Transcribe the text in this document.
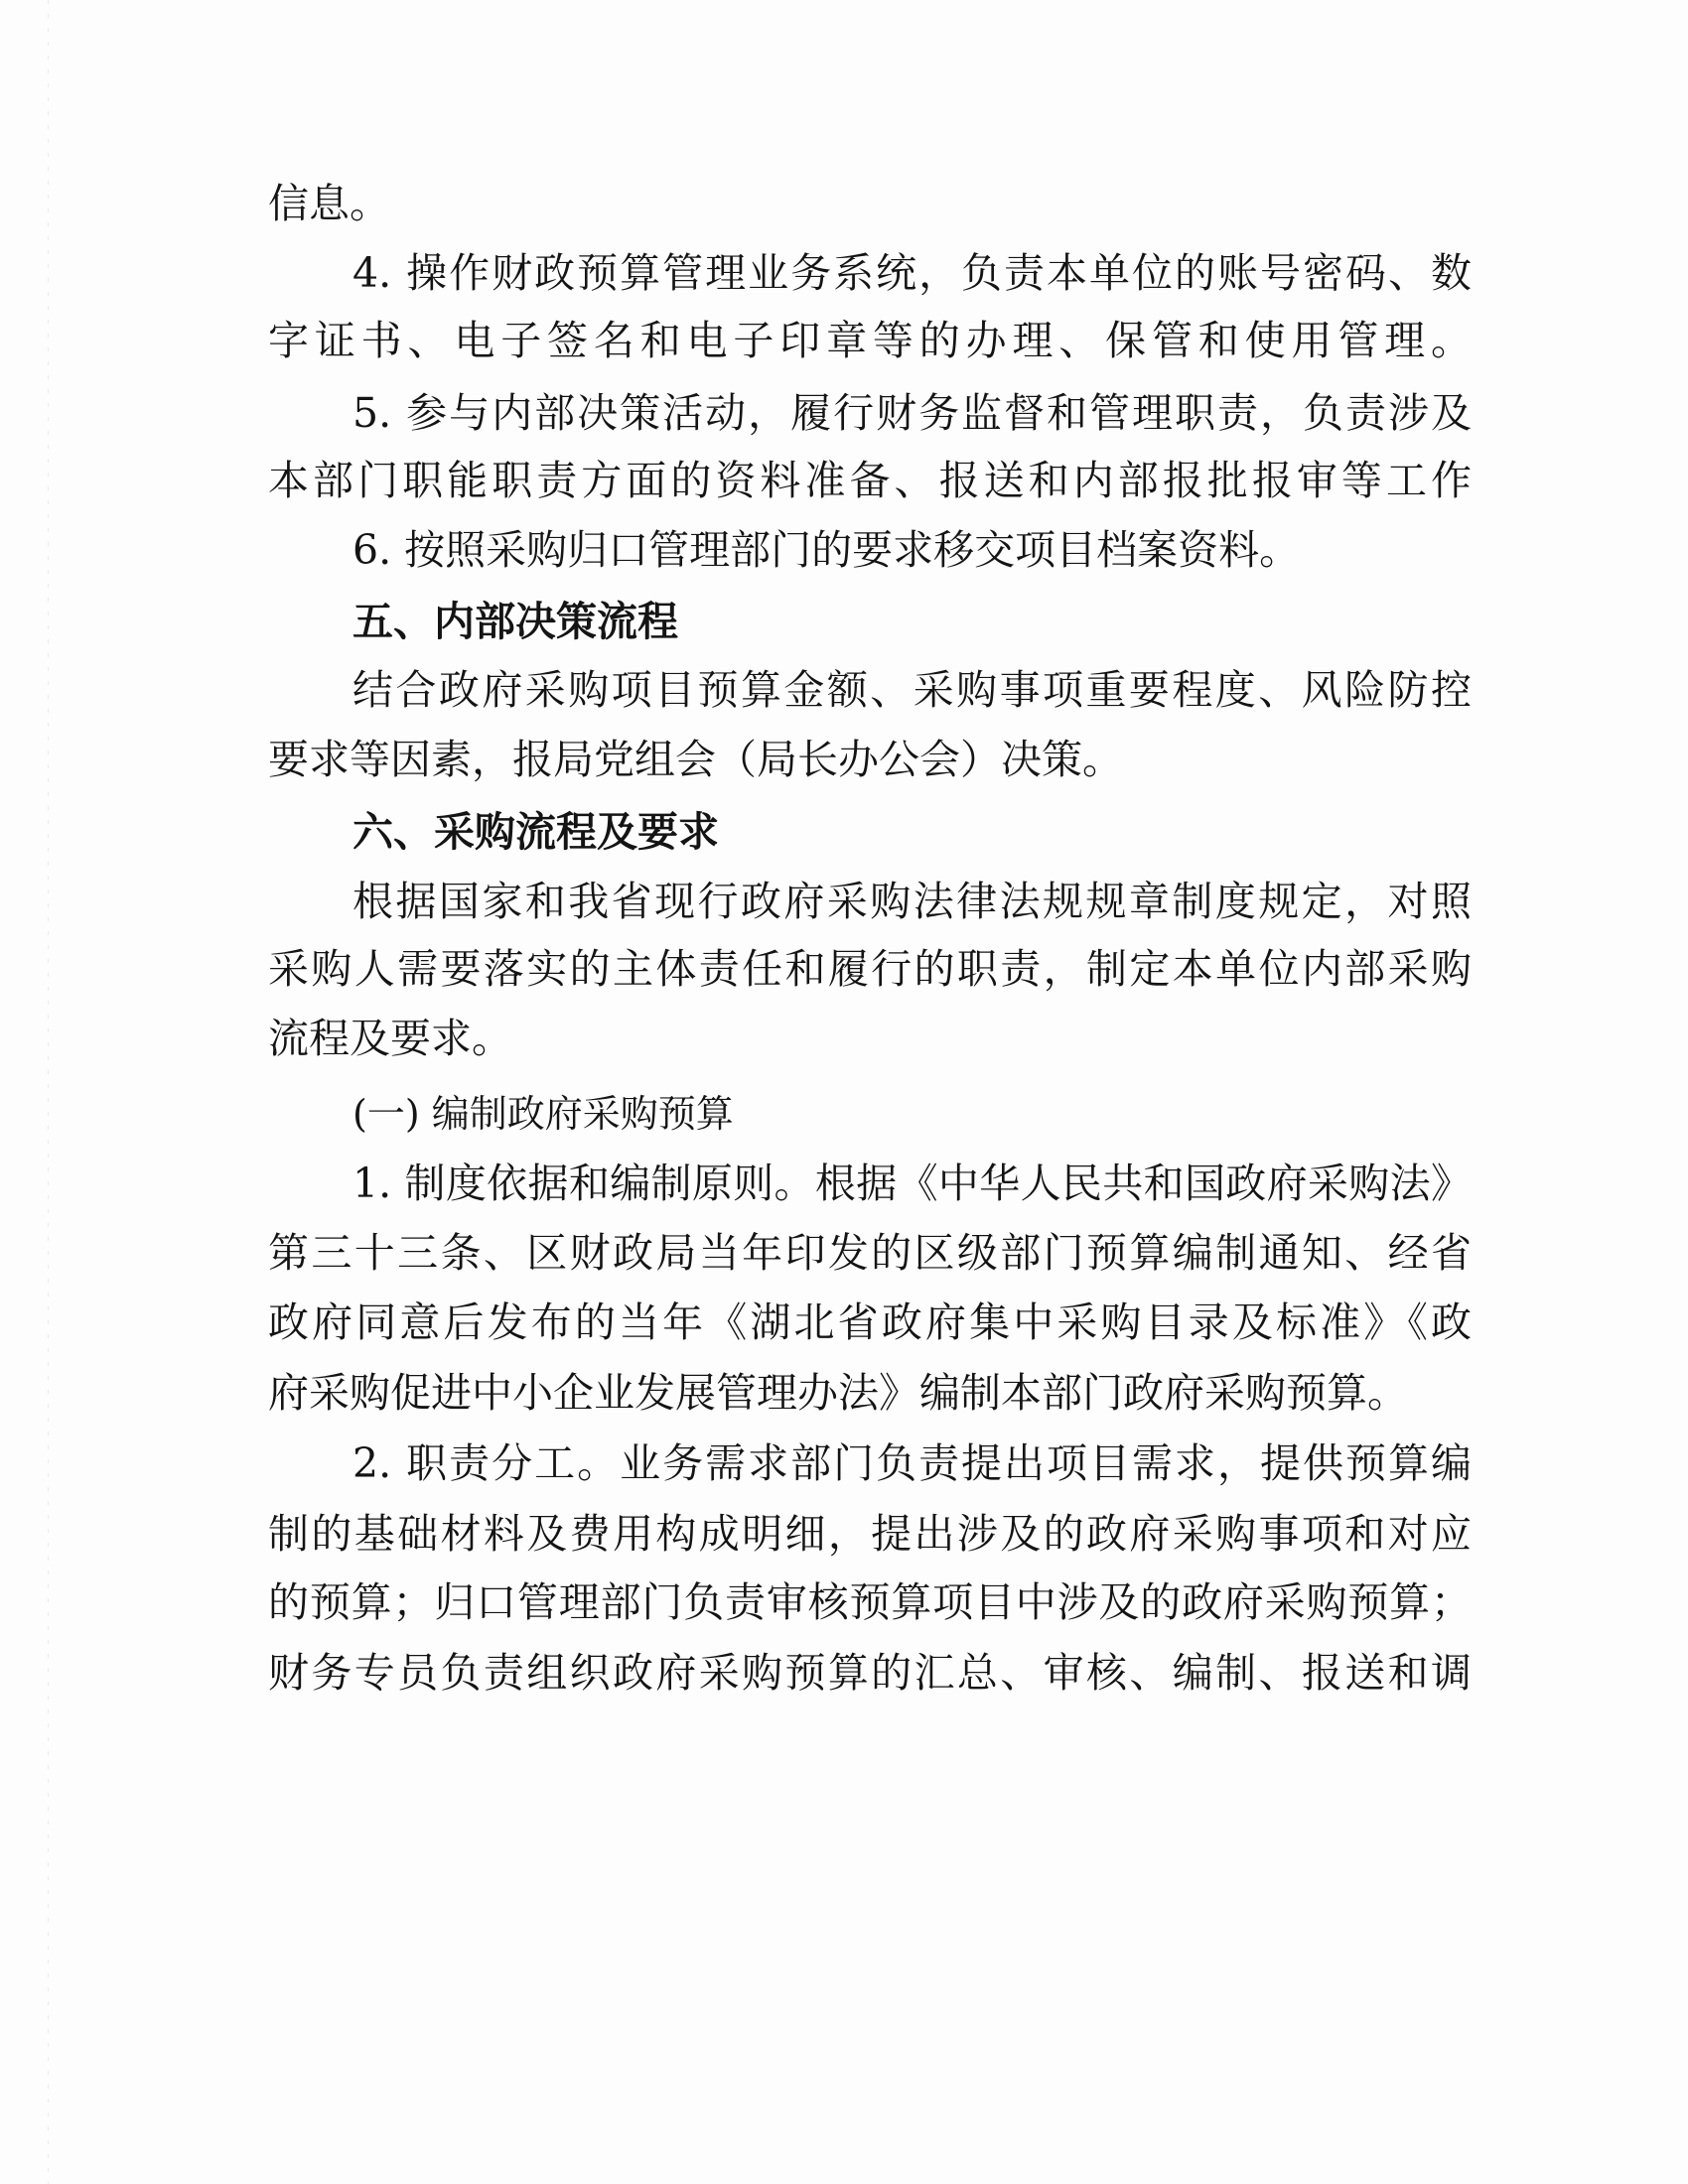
信息。
4. 操作财政预算管理业务系统，负责本单位的账号密码、数
字证书、电子签名和电子印章等的办理、保管和使用管理。
5. 参与内部决策活动，履行财务监督和管理职责，负责涉及
本部门职能职责方面的资料准备、报送和内部报批报审等工作
6. 按照采购归口管理部门的要求移交项目档案资料。
五、内部决策流程
结合政府采购项目预算金额、采购事项重要程度、风险防控
要求等因素，报局党组会（局长办公会）决策。
六、采购流程及要求
根据国家和我省现行政府采购法律法规规章制度规定，对照
采购人需要落实的主体责任和履行的职责，制定本单位内部采购
流程及要求。
(一) 编制政府采购预算
1. 制度依据和编制原则。根据《中华人民共和国政府采购法》
第三十三条、区财政局当年印发的区级部门预算编制通知、经省
政府同意后发布的当年《湖北省政府集中采购目录及标准》《政
府采购促进中小企业发展管理办法》编制本部门政府采购预算。
2. 职责分工。业务需求部门负责提出项目需求，提供预算编
制的基础材料及费用构成明细，提出涉及的政府采购事项和对应
的预算；归口管理部门负责审核预算项目中涉及的政府采购预算；
财务专员负责组织政府采购预算的汇总、审核、编制、报送和调
